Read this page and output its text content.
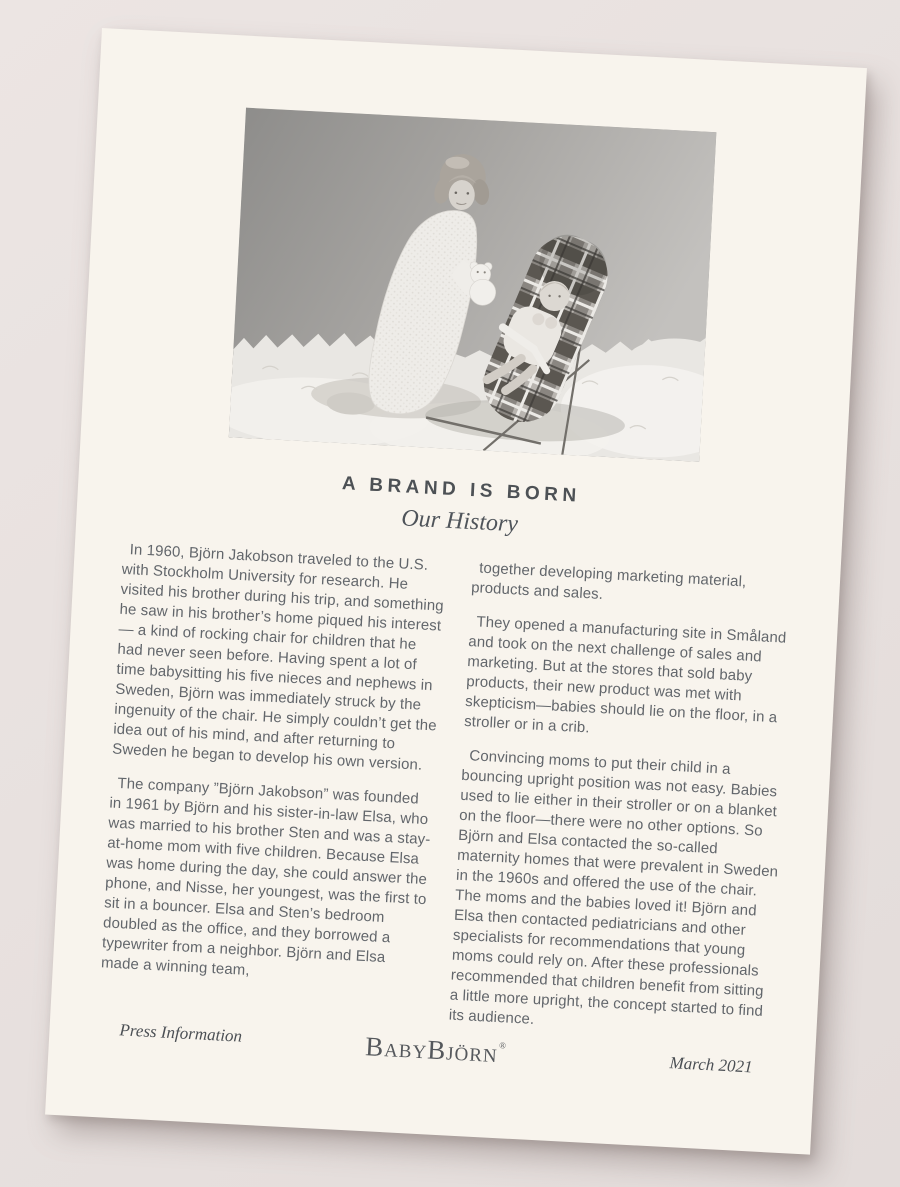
A BRAND IS BORN
Our History

In 1960, Björn Jakobson traveled to the U.S. with Stockholm University for research. He visited his brother during his trip, and something he saw in his brother’s home piqued his interest — a kind of rocking chair for children that he had never seen before. Having spent a lot of time babysitting his five nieces and nephews in Sweden, Björn was immediately struck by the ingenuity of the chair. He simply couldn’t get the idea out of his mind, and after returning to Sweden he began to develop his own version.

The company ”Björn Jakobson” was founded in 1961 by Björn and his sister-in-law Elsa, who was married to his brother Sten and was a stay-at-home mom with five children. Because Elsa was home during the day, she could answer the phone, and Nisse, her youngest, was the first to sit in a bouncer. Elsa and Sten’s bedroom doubled as the office, and they borrowed a typewriter from a neighbor. Björn and Elsa made a winning team,

together developing marketing material, products and sales.

They opened a manufacturing site in Småland and took on the next challenge of sales and marketing. But at the stores that sold baby products, their new product was met with skepticism—babies should lie on the floor, in a stroller or in a crib.

Convincing moms to put their child in a bouncing upright position was not easy. Babies used to lie either in their stroller or on a blanket on the floor—there were no other options. So Björn and Elsa contacted the so-called maternity homes that were prevalent in Sweden in the 1960s and offered the use of the chair. The moms and the babies loved it! Björn and Elsa then contacted pediatricians and other specialists for recommendations that young moms could rely on. After these professionals recommended that children benefit from sitting a little more upright, the concept started to find its audience.

Press Information	BabyBjörn®
March 2021
